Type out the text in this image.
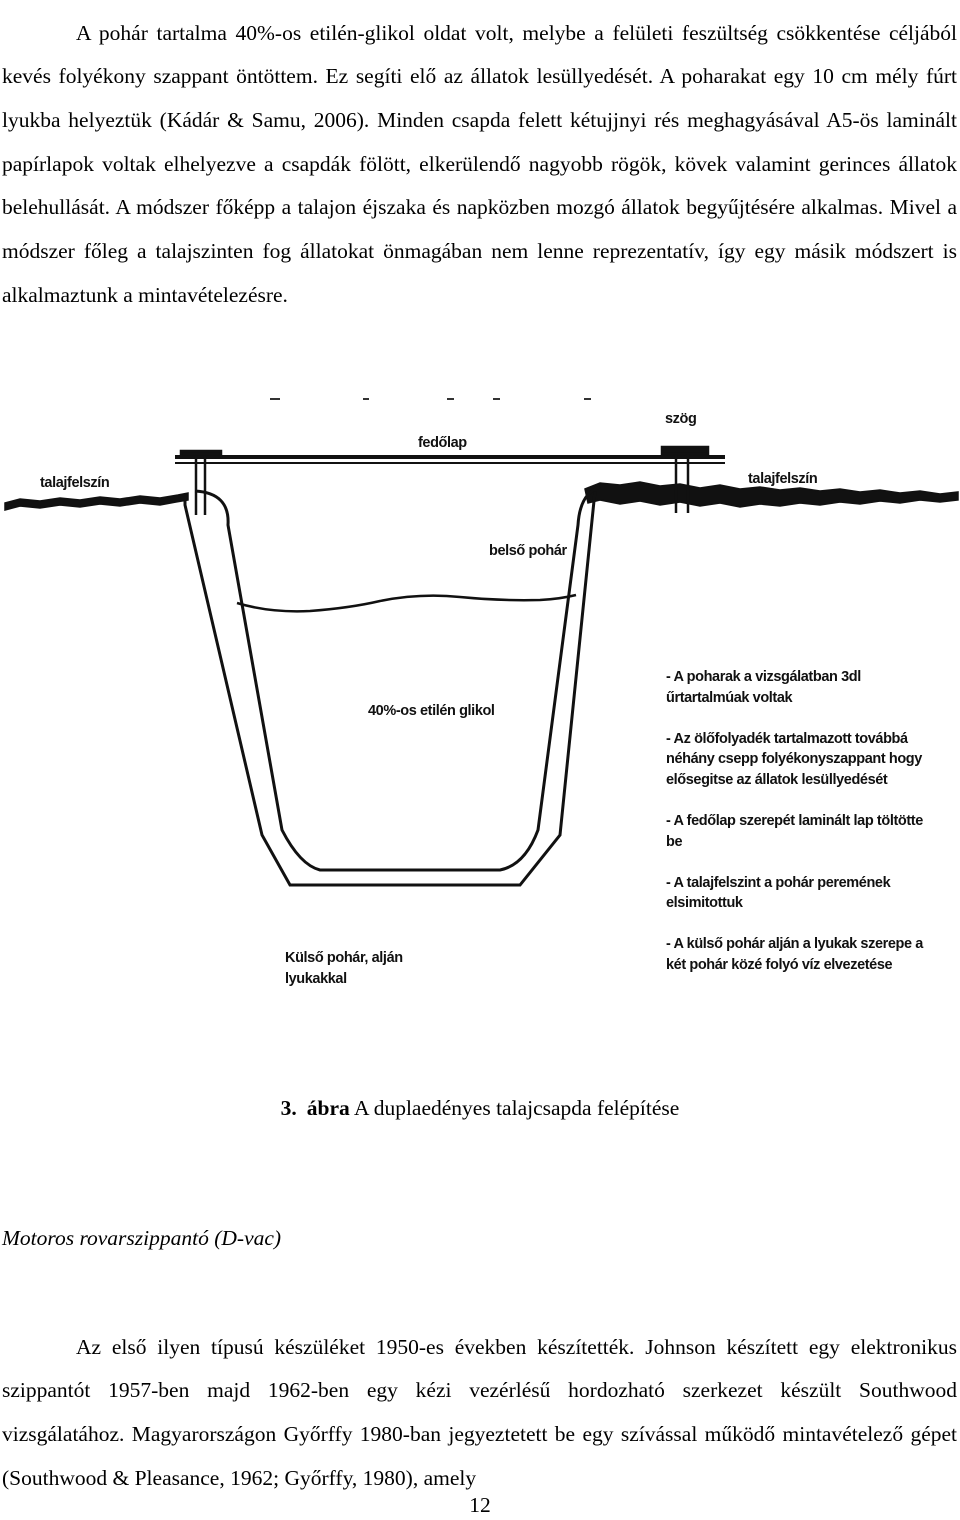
A pohár tartalma 40%-os etilén-glikol oldat volt, melybe a felületi feszültség csökkentése céljából kevés folyékony szappant öntöttem. Ez segíti elő az állatok lesüllyedését. A poharakat egy 10 cm mély fúrt lyukba helyeztük (Kádár & Samu, 2006). Minden csapda felett kétujjnyi rés meghagyásával A5-ös laminált papírlapok voltak elhelyezve a csapdák fölött, elkerülendő nagyobb rögök, kövek valamint gerinces állatok belehullását. A módszer főképp a talajon éjszaka és napközben mozgó állatok begyűjtésére alkalmas. Mivel a módszer főleg a talajszinten fog állatokat önmagában nem lenne reprezentatív, így egy másik módszert is alkalmaztunk a mintavételezésre.

szög
fedőlap
talajfelszín	talajfelszín
belső pohár
40%-os etilén glikol
Külső pohár, alján
lyukakkal
- A poharak a vizsgálatban 3dl űrtartalmúak voltak
- Az ölőfolyadék tartalmazott továbbá néhány csepp folyékonyszappant hogy elősegitse az állatok lesüllyedését
- A fedőlap szerepét laminált lap töltötte be
- A talajfelszint a pohár peremének elsimitottuk
- A külső pohár alján a lyukak szerepe a két pohár közé folyó víz elvezetése
3. ábra A duplaedényes talajcsapda felépítése
Motoros rovarszippantó (D-vac)

Az első ilyen típusú készüléket 1950-es években készítették. Johnson készített egy elektronikus szippantót 1957-ben majd 1962-ben egy kézi vezérlésű hordozható szerkezet készült Southwood vizsgálatához. Magyarországon Győrffy 1980-ban jegyeztetett be egy szívással működő mintavételező gépet (Southwood & Pleasance, 1962; Győrffy, 1980), amely

12
